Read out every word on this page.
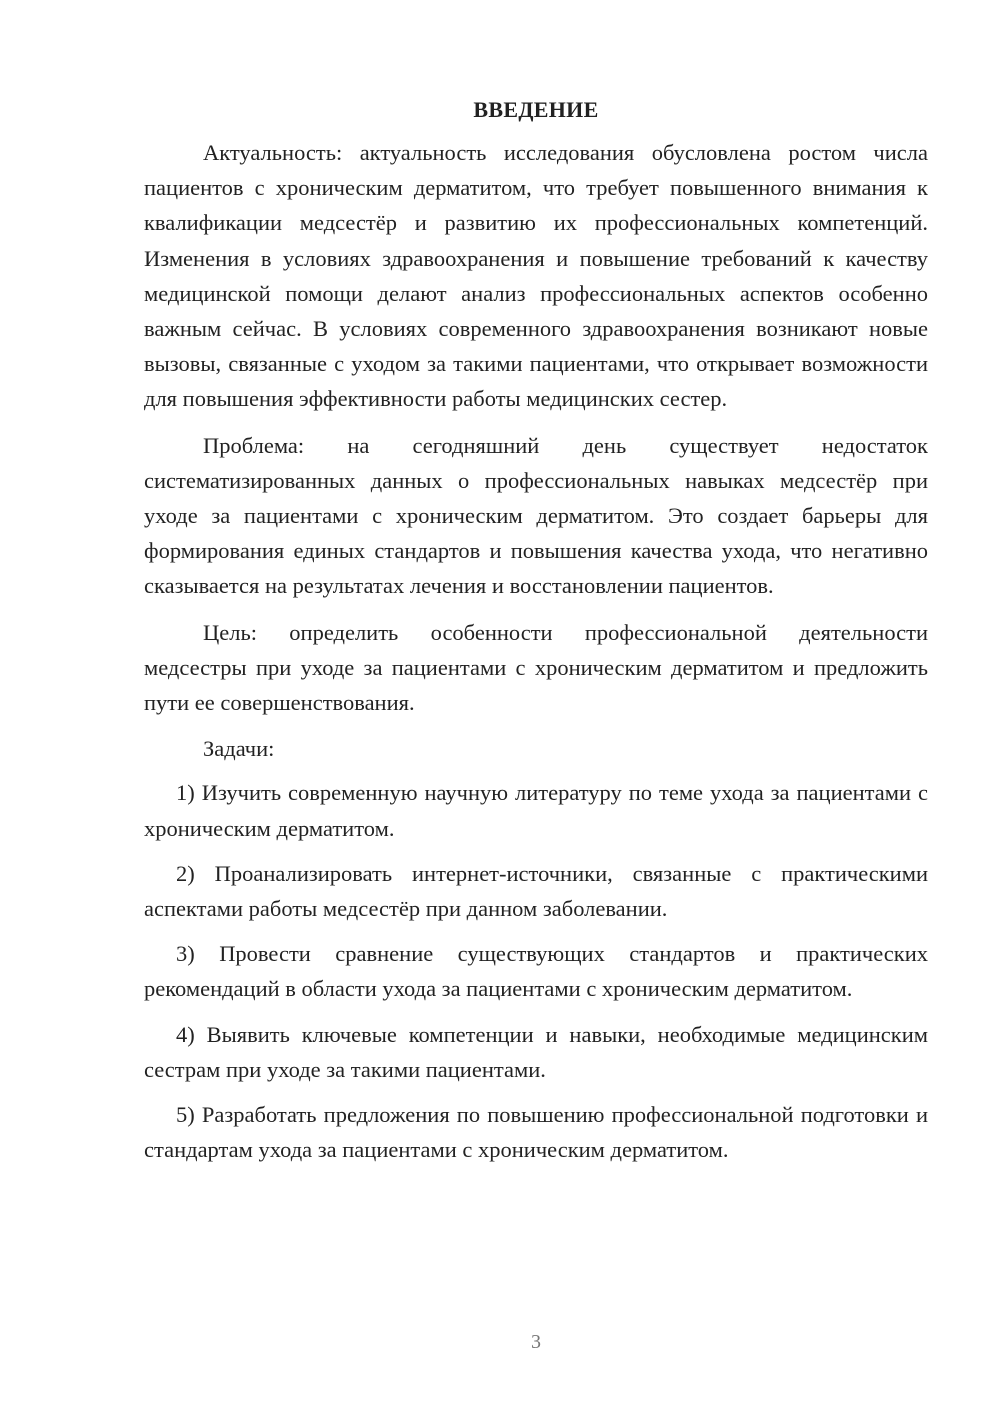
ВВЕДЕНИЕ

Актуальность: актуальность исследования обусловлена ростом числа пациентов с хроническим дерматитом, что требует повышенного внимания к квалификации медсестёр и развитию их профессиональных компетенций. Изменения в условиях здравоохранения и повышение требований к качеству медицинской помощи делают анализ профессиональных аспектов особенно важным сейчас. В условиях современного здравоохранения возникают новые вызовы, связанные с уходом за такими пациентами, что открывает возможности для повышения эффективности работы медицинских сестер.

Проблема: на сегодняшний день существует недостаток систематизированных данных о профессиональных навыках медсестёр при уходе за пациентами с хроническим дерматитом. Это создает барьеры для формирования единых стандартов и повышения качества ухода, что негативно сказывается на результатах лечения и восстановлении пациентов.

Цель: определить особенности профессиональной деятельности медсестры при уходе за пациентами с хроническим дерматитом и предложить пути ее совершенствования.

Задачи:

1) Изучить современную научную литературу по теме ухода за пациентами с хроническим дерматитом.

2) Проанализировать интернет-источники, связанные с практическими аспектами работы медсестёр при данном заболевании.

3) Провести сравнение существующих стандартов и практических рекомендаций в области ухода за пациентами с хроническим дерматитом.

4) Выявить ключевые компетенции и навыки, необходимые медицинским сестрам при уходе за такими пациентами.

5) Разработать предложения по повышению профессиональной подготовки и стандартам ухода за пациентами с хроническим дерматитом.

3
